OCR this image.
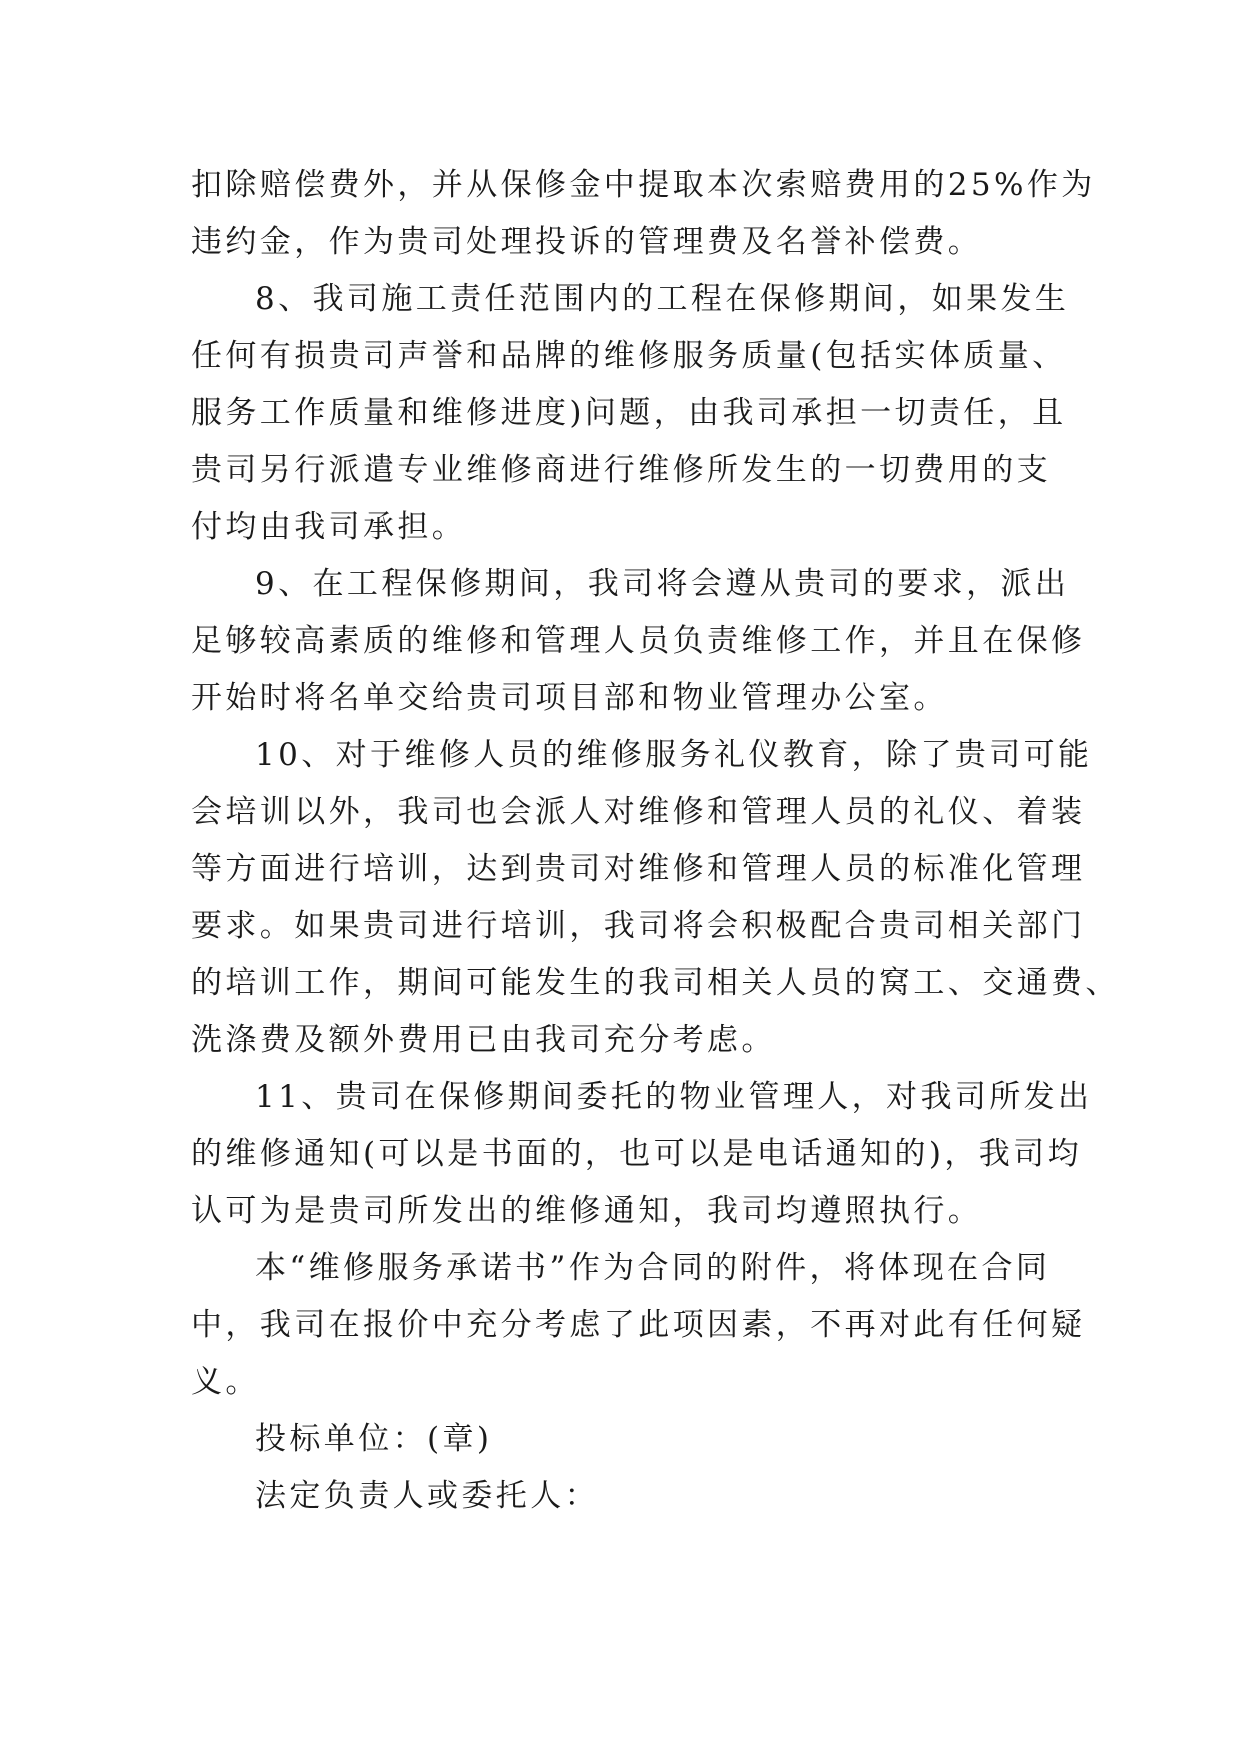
扣除赔偿费外，并从保修金中提取本次索赔费用的25%作为
违约金，作为贵司处理投诉的管理费及名誉补偿费。
8、我司施工责任范围内的工程在保修期间，如果发生
任何有损贵司声誉和品牌的维修服务质量(包括实体质量、
服务工作质量和维修进度)问题，由我司承担一切责任，且
贵司另行派遣专业维修商进行维修所发生的一切费用的支
付均由我司承担。
9、在工程保修期间，我司将会遵从贵司的要求，派出
足够较高素质的维修和管理人员负责维修工作，并且在保修
开始时将名单交给贵司项目部和物业管理办公室。
10、对于维修人员的维修服务礼仪教育，除了贵司可能
会培训以外，我司也会派人对维修和管理人员的礼仪、着装
等方面进行培训，达到贵司对维修和管理人员的标准化管理
要求。如果贵司进行培训，我司将会积极配合贵司相关部门
的培训工作，期间可能发生的我司相关人员的窝工、交通费、
洗涤费及额外费用已由我司充分考虑。
11、贵司在保修期间委托的物业管理人，对我司所发出
的维修通知(可以是书面的，也可以是电话通知的)，我司均
认可为是贵司所发出的维修通知，我司均遵照执行。
本“维修服务承诺书”作为合同的附件，将体现在合同
中，我司在报价中充分考虑了此项因素，不再对此有任何疑
义。
投标单位：(章)
法定负责人或委托人：
